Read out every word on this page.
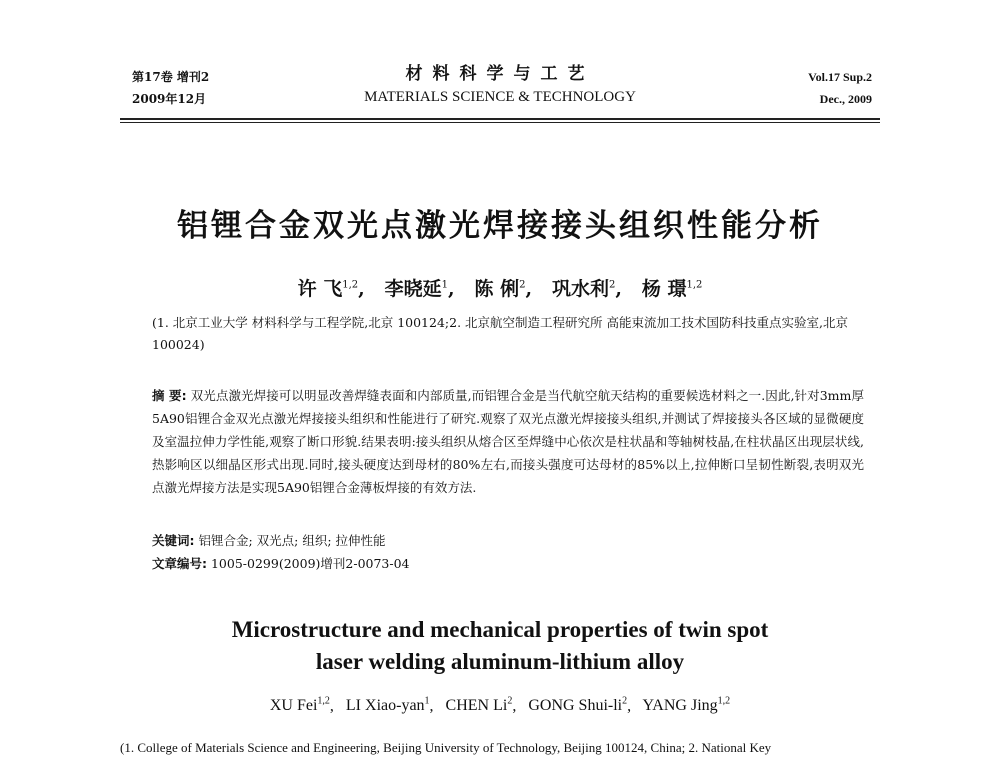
第17卷 增刊2
2009年12月
材料科学与工艺
MATERIALS SCIENCE & TECHNOLOGY
Vol.17 Sup.2
Dec., 2009
铝锂合金双光点激光焊接接头组织性能分析
许 飞$^{1,2}$,   李晓延$^1$,   陈 俐$^2$,   巩水利$^2$,   杨 璟$^{1,2}$
(1. 北京工业大学 材料科学与工程学院,北京 100124;2. 北京航空制造工程研究所 高能束流加工技术国防科技重点实验室,北京 100024)
摘 要: 双光点激光焊接可以明显改善焊缝表面和内部质量,而铝锂合金是当代航空航天结构的重要候选材料之一.因此,针对3mm厚5A90铝锂合金双光点激光焊接接头组织和性能进行了研究.观察了双光点激光焊接接头组织,并测试了焊接接头各区域的显微硬度及室温拉伸力学性能,观察了断口形貌.结果表明:接头组织从熔合区至焊缝中心依次是柱状晶和等轴树枝晶,在柱状晶区出现层状线,热影响区以细晶区形式出现.同时,接头硬度达到母材的80%左右,而接头强度可达母材的85%以上,拉伸断口呈韧性断裂,表明双光点激光焊接方法是实现5A90铝锂合金薄板焊接的有效方法.
关键词: 铝锂合金; 双光点; 组织; 拉伸性能
文章编号: 1005-0299(2009)增刊2-0073-04
Microstructure and mechanical properties of twin spot
laser welding aluminum-lithium alloy
XU Fei$^{1,2}$,   LI Xiao-yan$^1$,   CHEN Li$^2$,   GONG Shui-$li^2$,   YANG Jing$^{1,2}$
(1. College of Materials Science and Engineering, Beijing University of Technology, Beijing 100124, China; 2. National Key
